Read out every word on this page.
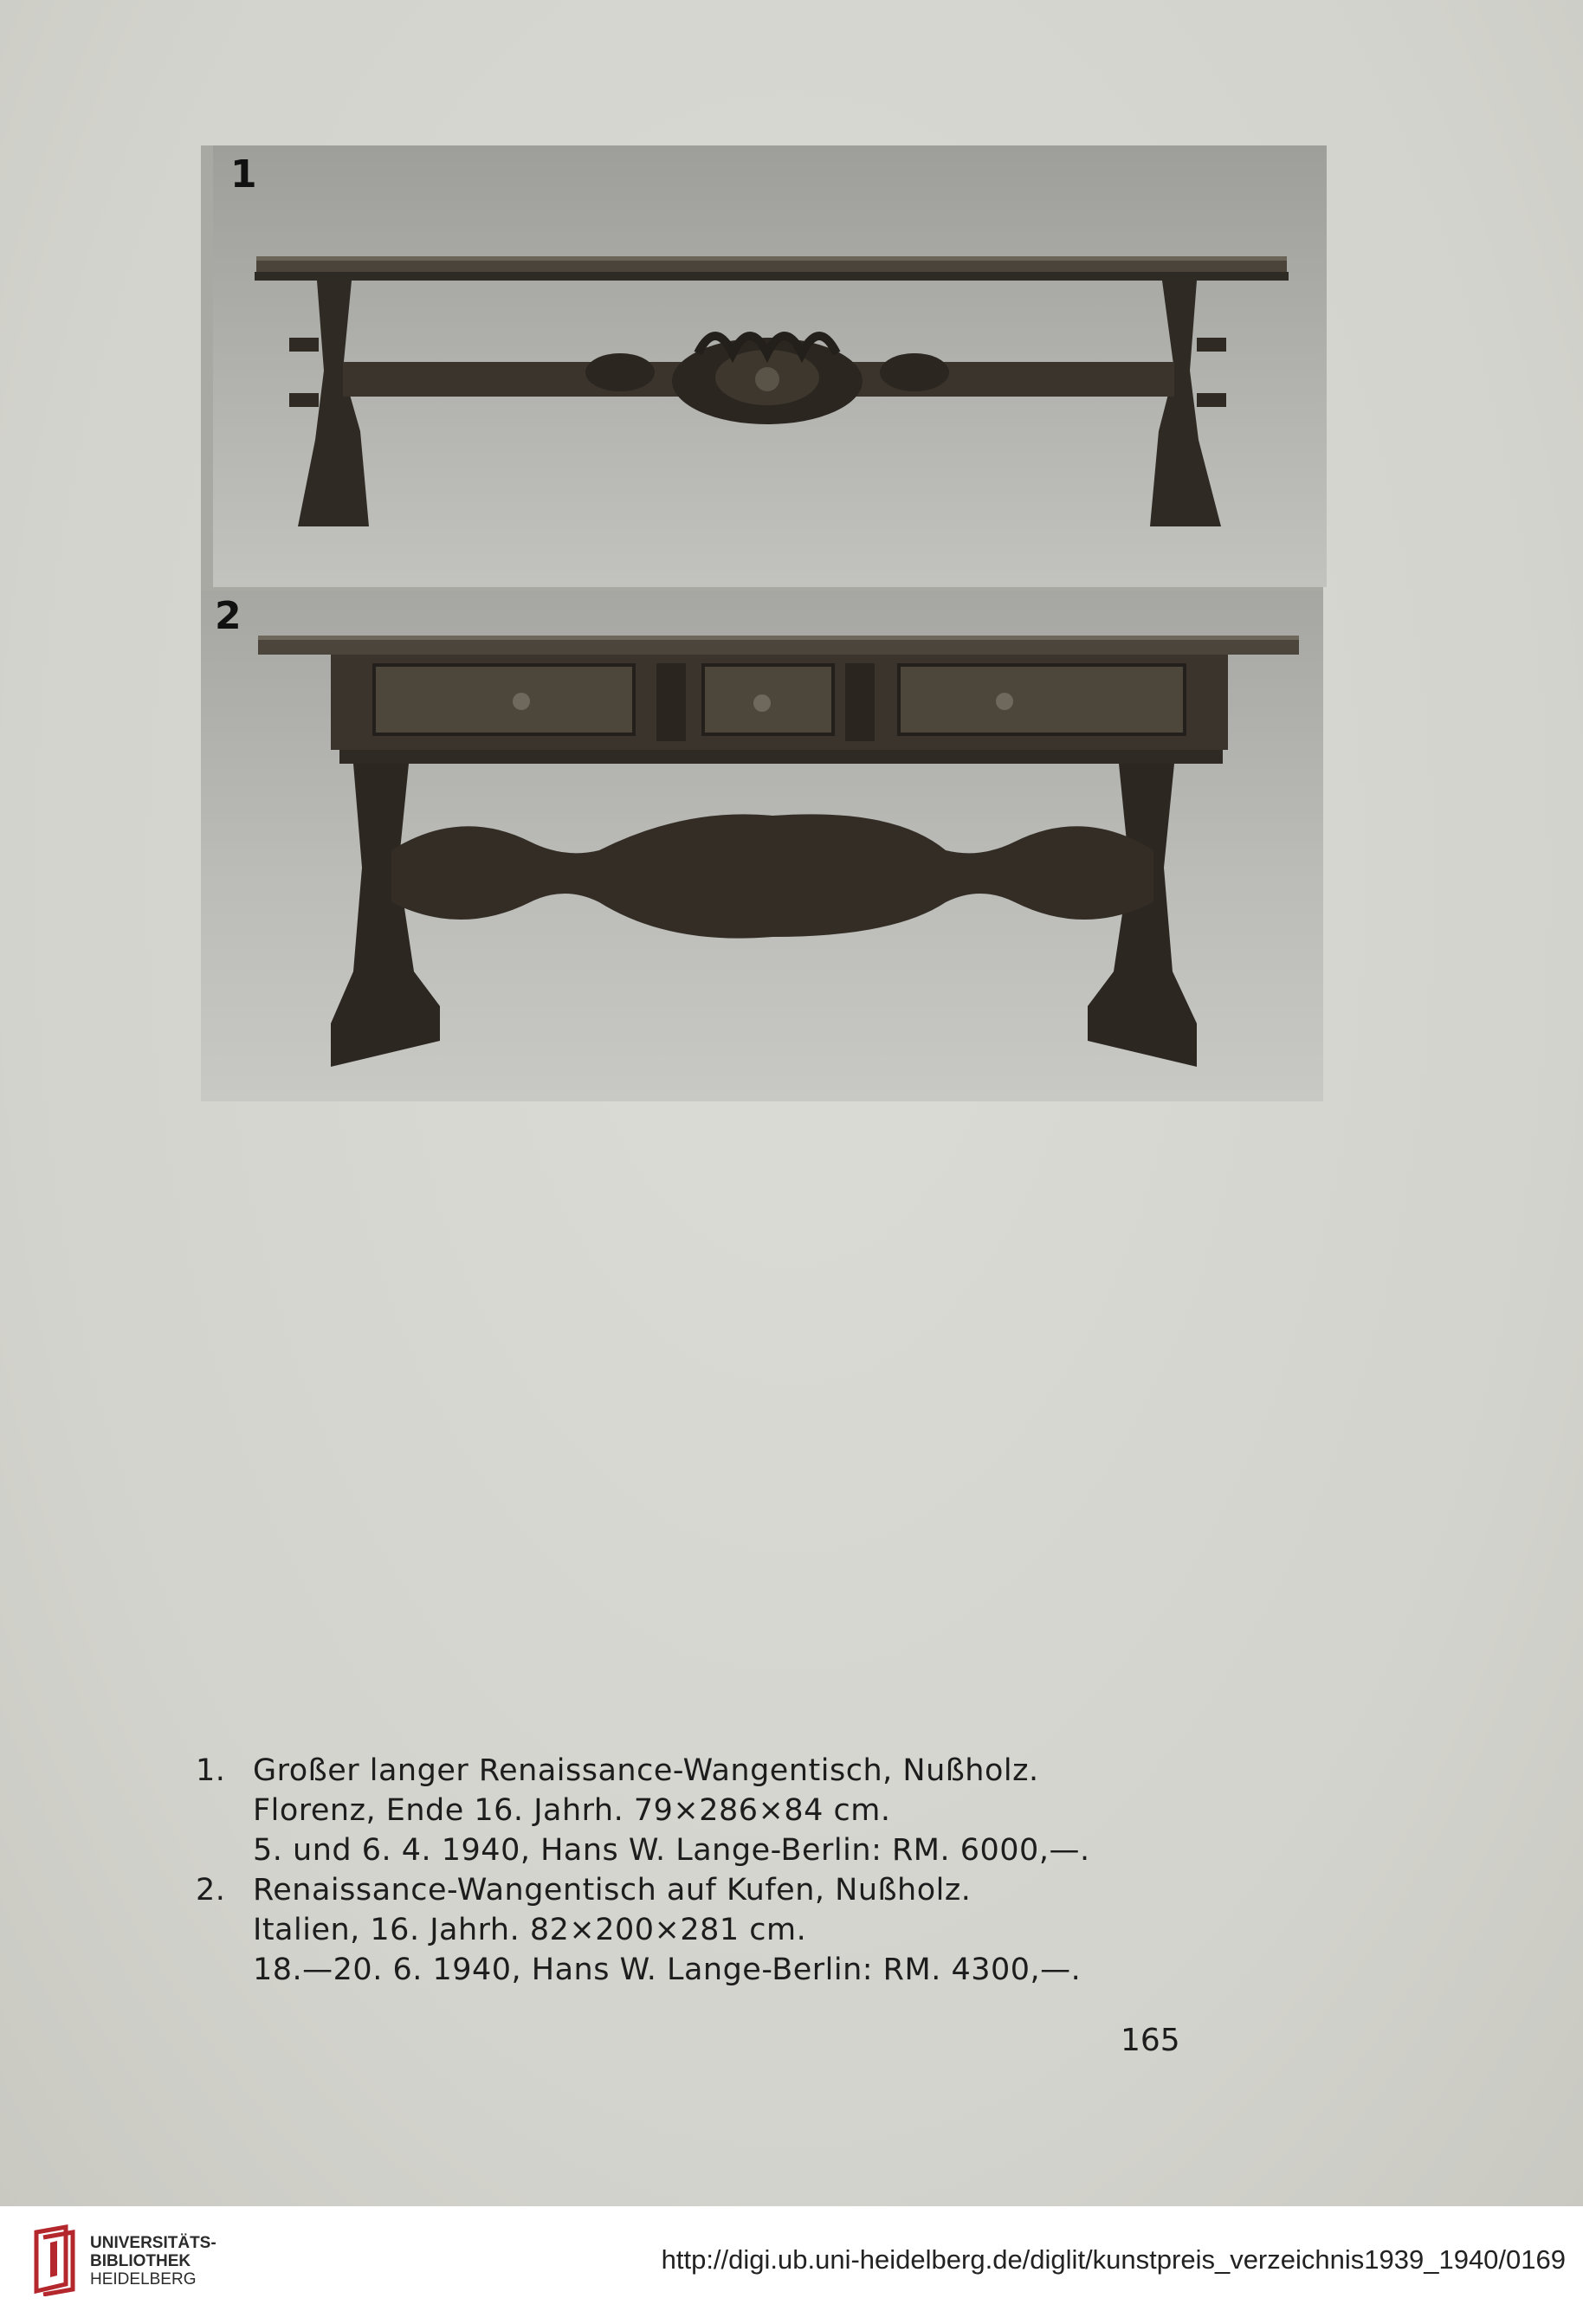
1
2
1. Großer langer Renaissance-Wangentisch, Nußholz.
Florenz, Ende 16. Jahrh. 79×286×84 cm.
5. und 6. 4. 1940, Hans W. Lange-Berlin: RM. 6000,—.
2. Renaissance-Wangentisch auf Kufen, Nußholz.
Italien, 16. Jahrh. 82×200×281 cm.
18.—20. 6. 1940, Hans W. Lange-Berlin: RM. 4300,—.
165
UNIVERSITÄTS-
BIBLIOTHEK
HEIDELBERG
http://digi.ub.uni-heidelberg.de/diglit/kunstpreis_verzeichnis1939_1940/0169
